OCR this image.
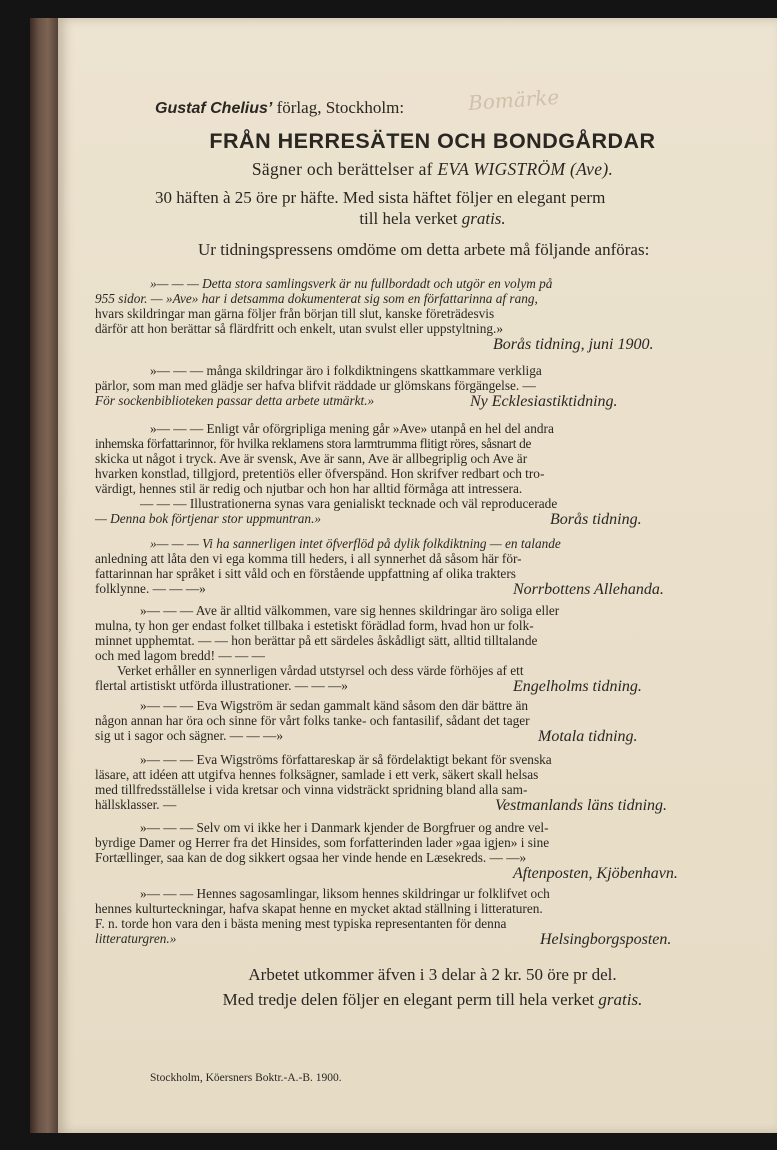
Bomärke
Gustaf Chelius’ förlag, Stockholm:
FRÅN HERRESÄTEN OCH BONDGÅRDAR
Sägner och berättelser af EVA WIGSTRÖM (Ave).
30 häften à 25 öre pr häfte. Med sista häftet följer en elegant perm
till hela verket gratis.
Ur tidningspressens omdöme om detta arbete må följande anföras:

»— — — Detta stora samlingsverk är nu fullbordadt och utgör en volym på

955 sidor. — »Ave» har i detsamma dokumenterat sig som en författarinna af rang,

hvars skildringar man gärna följer från början till slut, kanske företrädesvis

därför att hon berättar så flärdfritt och enkelt, utan svulst eller uppstyltning.»

Borås tidning, juni 1900.

»— — — många skildringar äro i folkdiktningens skattkammare verkliga

pärlor, som man med glädje ser hafva blifvit räddade ur glömskans förgängelse. —

För sockenbiblioteken passar detta arbete utmärkt.»	Ny Ecklesiastiktidning.

»— — — Enligt vår oförgripliga mening går »Ave» utanpå en hel del andra

inhemska författarinnor, för hvilka reklamens stora larmtrumma flitigt röres, såsnart de

skicka ut något i tryck. Ave är svensk, Ave är sann, Ave är allbegriplig och Ave är

hvarken konstlad, tillgjord, pretentiös eller öfverspänd. Hon skrifver redbart och tro-

värdigt, hennes stil är redig och njutbar och hon har alltid förmåga att intressera.

— — — Illustrationerna synas vara genialiskt tecknade och väl reproducerade

— Denna bok förtjenar stor uppmuntran.»	Borås tidning.

»— — — Vi ha sannerligen intet öfverflöd på dylik folkdiktning — en talande

anledning att låta den vi ega komma till heders, i all synnerhet då såsom här för-

fattarinnan har språket i sitt våld och en förstående uppfattning af olika trakters

folklynne. — — —»	Norrbottens Allehanda.

»— — — Ave är alltid välkommen, vare sig hennes skildringar äro soliga eller

mulna, ty hon ger endast folket tillbaka i estetiskt förädlad form, hvad hon ur folk-

minnet upphemtat. — — hon berättar på ett särdeles åskådligt sätt, alltid tilltalande

och med lagom bredd! — — —

Verket erhåller en synnerligen vårdad utstyrsel och dess värde förhöjes af ett

flertal artistiskt utförda illustrationer. — — —»	Engelholms tidning.

»— — — Eva Wigström är sedan gammalt känd såsom den där bättre än

någon annan har öra och sinne för vårt folks tanke- och fantasilif, sådant det tager

sig ut i sagor och sägner. — — —»	Motala tidning.

»— — — Eva Wigströms författareskap är så fördelaktigt bekant för svenska

läsare, att idéen att utgifva hennes folksägner, samlade i ett verk, säkert skall helsas

med tillfredsställelse i vida kretsar och vinna vidsträckt spridning bland alla sam-

hällsklasser. —	Vestmanlands läns tidning.

»— — — Selv om vi ikke her i Danmark kjender de Borgfruer og andre vel-

byrdige Damer og Herrer fra det Hinsides, som forfatterinden lader »gaa igjen» i sine

Fortællinger, saa kan de dog sikkert ogsaa her vinde hende en Læsekreds. — —»

Aftenposten, Kjöbenhavn.

»— — — Hennes sagosamlingar, liksom hennes skildringar ur folklifvet och

hennes kulturteckningar, hafva skapat henne en mycket aktad ställning i litteraturen.

F. n. torde hon vara den i bästa mening mest typiska representanten för denna

litteraturgren.»	Helsingborgsposten.
Arbetet utkommer äfven i 3 delar à 2 kr. 50 öre pr del.
Med tredje delen följer en elegant perm till hela verket gratis.
Stockholm, Köersners Boktr.-A.-B. 1900.
